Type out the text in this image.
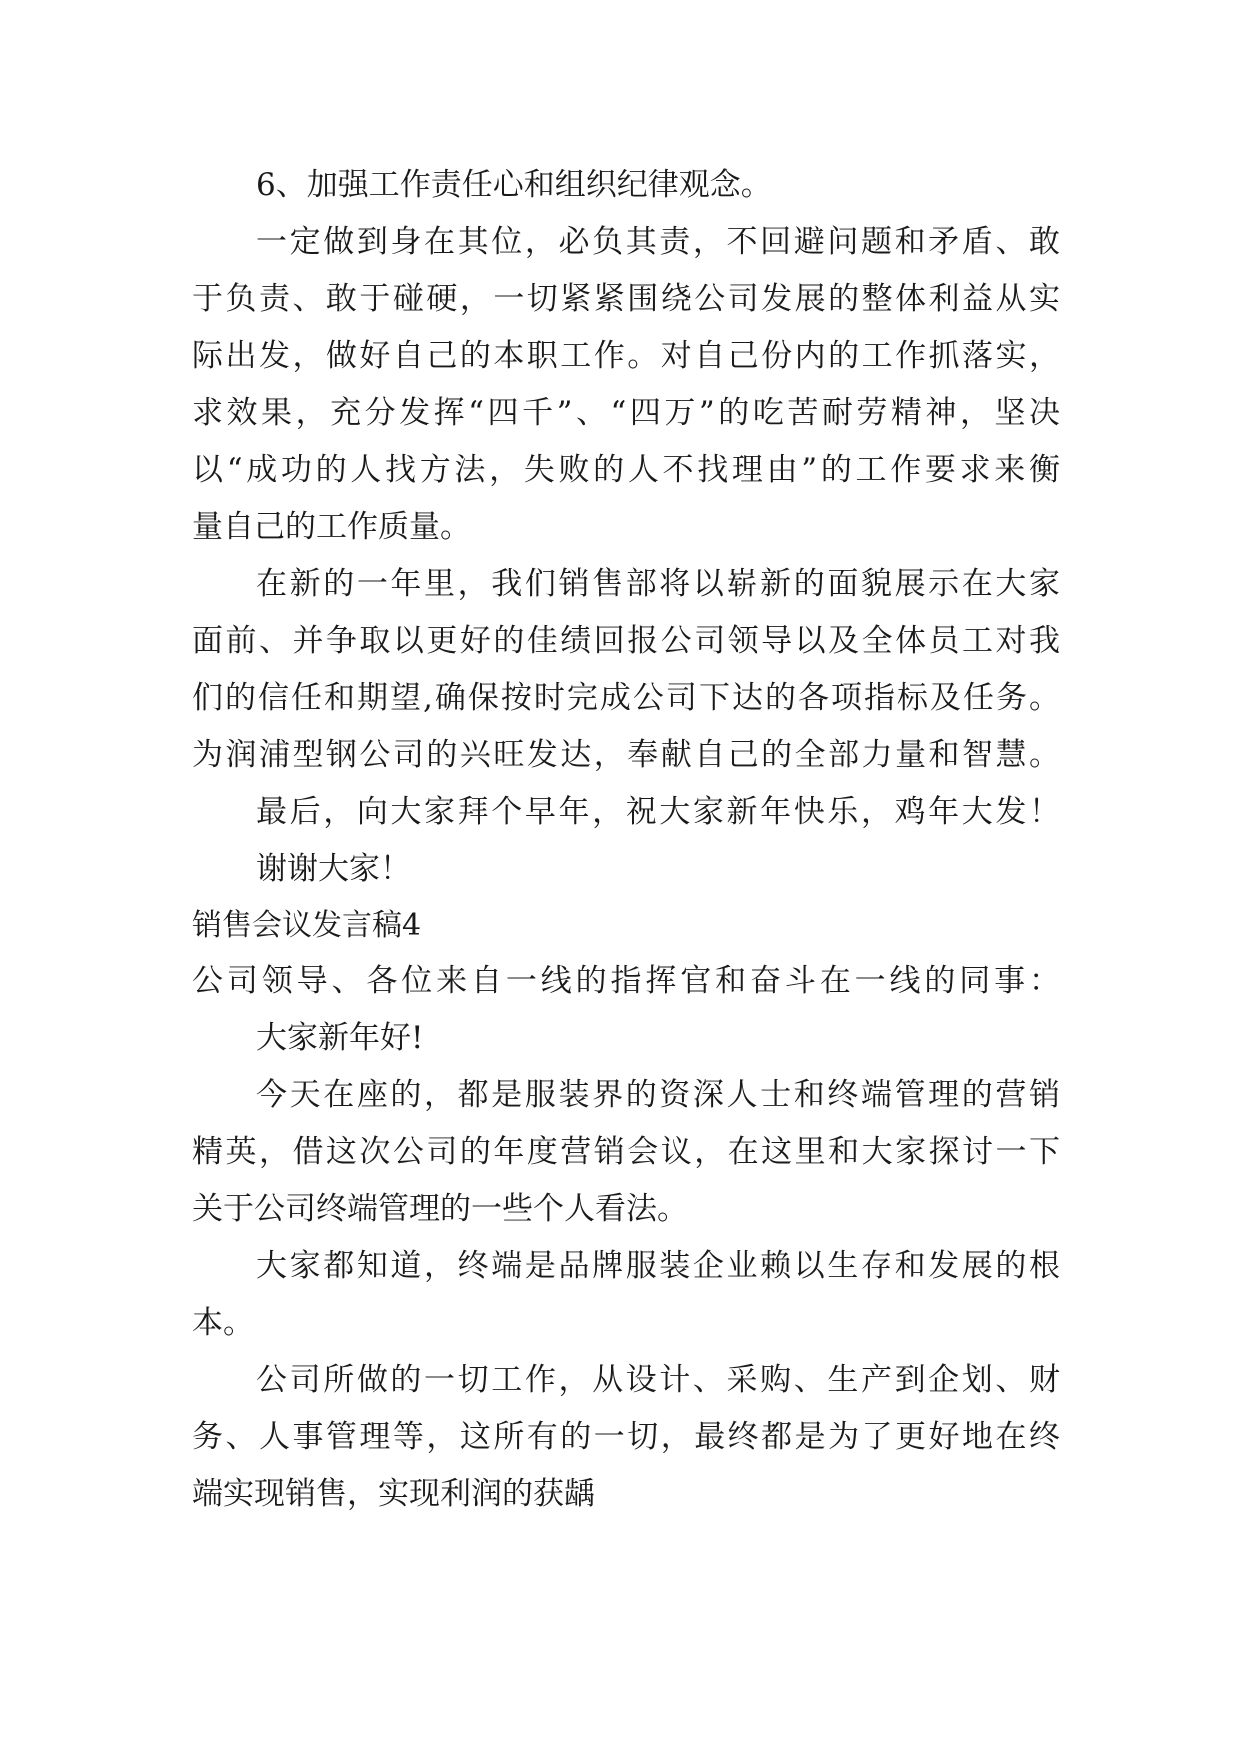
6、加强工作责任心和组织纪律观念。
一定做到身在其位，必负其责，不回避问题和矛盾、敢
于负责、敢于碰硬，一切紧紧围绕公司发展的整体利益从实
际出发，做好自己的本职工作。对自己份内的工作抓落实，
求效果，充分发挥“四千”、“四万”的吃苦耐劳精神，坚决
以“成功的人找方法，失败的人不找理由”的工作要求来衡
量自己的工作质量。
在新的一年里，我们销售部将以崭新的面貌展示在大家
面前、并争取以更好的佳绩回报公司领导以及全体员工对我
们的信任和期望,确保按时完成公司下达的各项指标及任务。
为润浦型钢公司的兴旺发达，奉献自己的全部力量和智慧。
最后，向大家拜个早年，祝大家新年快乐，鸡年大发！
谢谢大家！
销售会议发言稿4
公司领导、各位来自一线的指挥官和奋斗在一线的同事：
大家新年好!
今天在座的，都是服装界的资深人士和终端管理的营销
精英，借这次公司的年度营销会议，在这里和大家探讨一下
关于公司终端管理的一些个人看法。
大家都知道，终端是品牌服装企业赖以生存和发展的根
本。
公司所做的一切工作，从设计、采购、生产到企划、财
务、人事管理等，这所有的一切，最终都是为了更好地在终
端实现销售，实现利润的获龋
